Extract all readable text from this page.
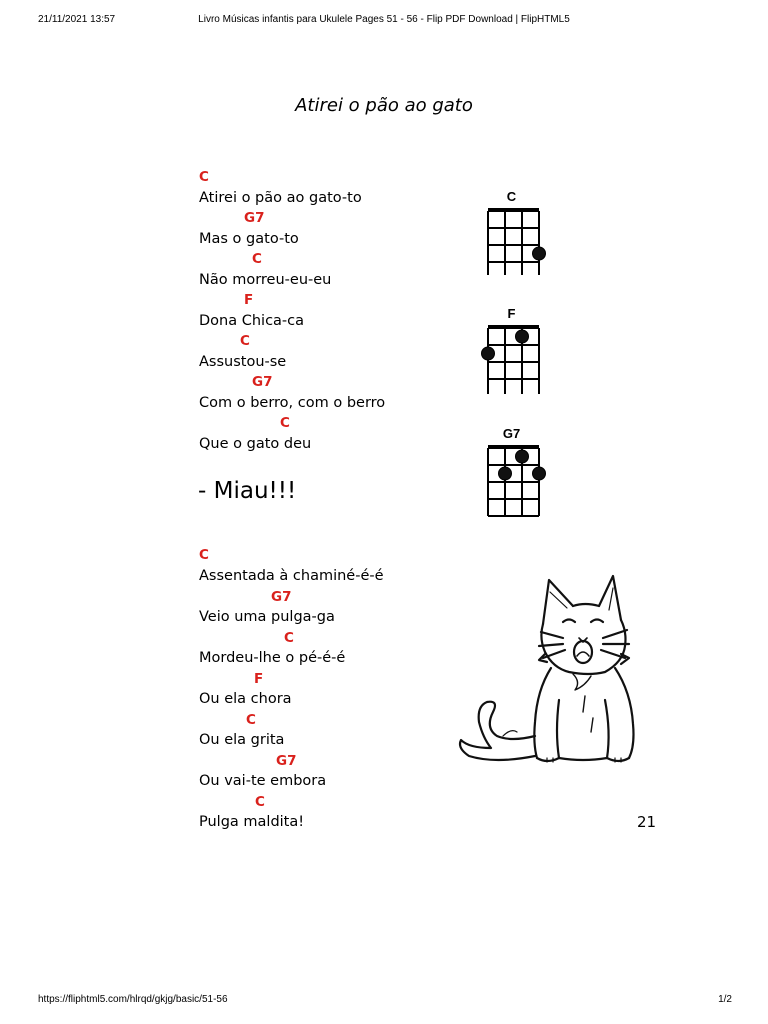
21/11/2021 13:57	Livro Músicas infantis para Ukulele Pages 51 - 56 - Flip PDF Download | FlipHTML5
Atirei o pão ao gato
C
Atirei o pão ao gato-to
G7
Mas o gato-to
C
Não morreu-eu-eu
F
Dona Chica-ca
C
Assustou-se
G7
Com o berro, com o berro
C
Que o gato deu
- Miau!!!
C
Assentada à chaminé-é-é
G7
Veio uma pulga-ga
C
Mordeu-lhe o pé-é-é
F
Ou ela chora
C
Ou ela grita
G7
Ou vai-te embora
C
Pulga maldita!	21
C
F
G7
https://fliphtml5.com/hlrqd/gkjg/basic/51-56	1/2
